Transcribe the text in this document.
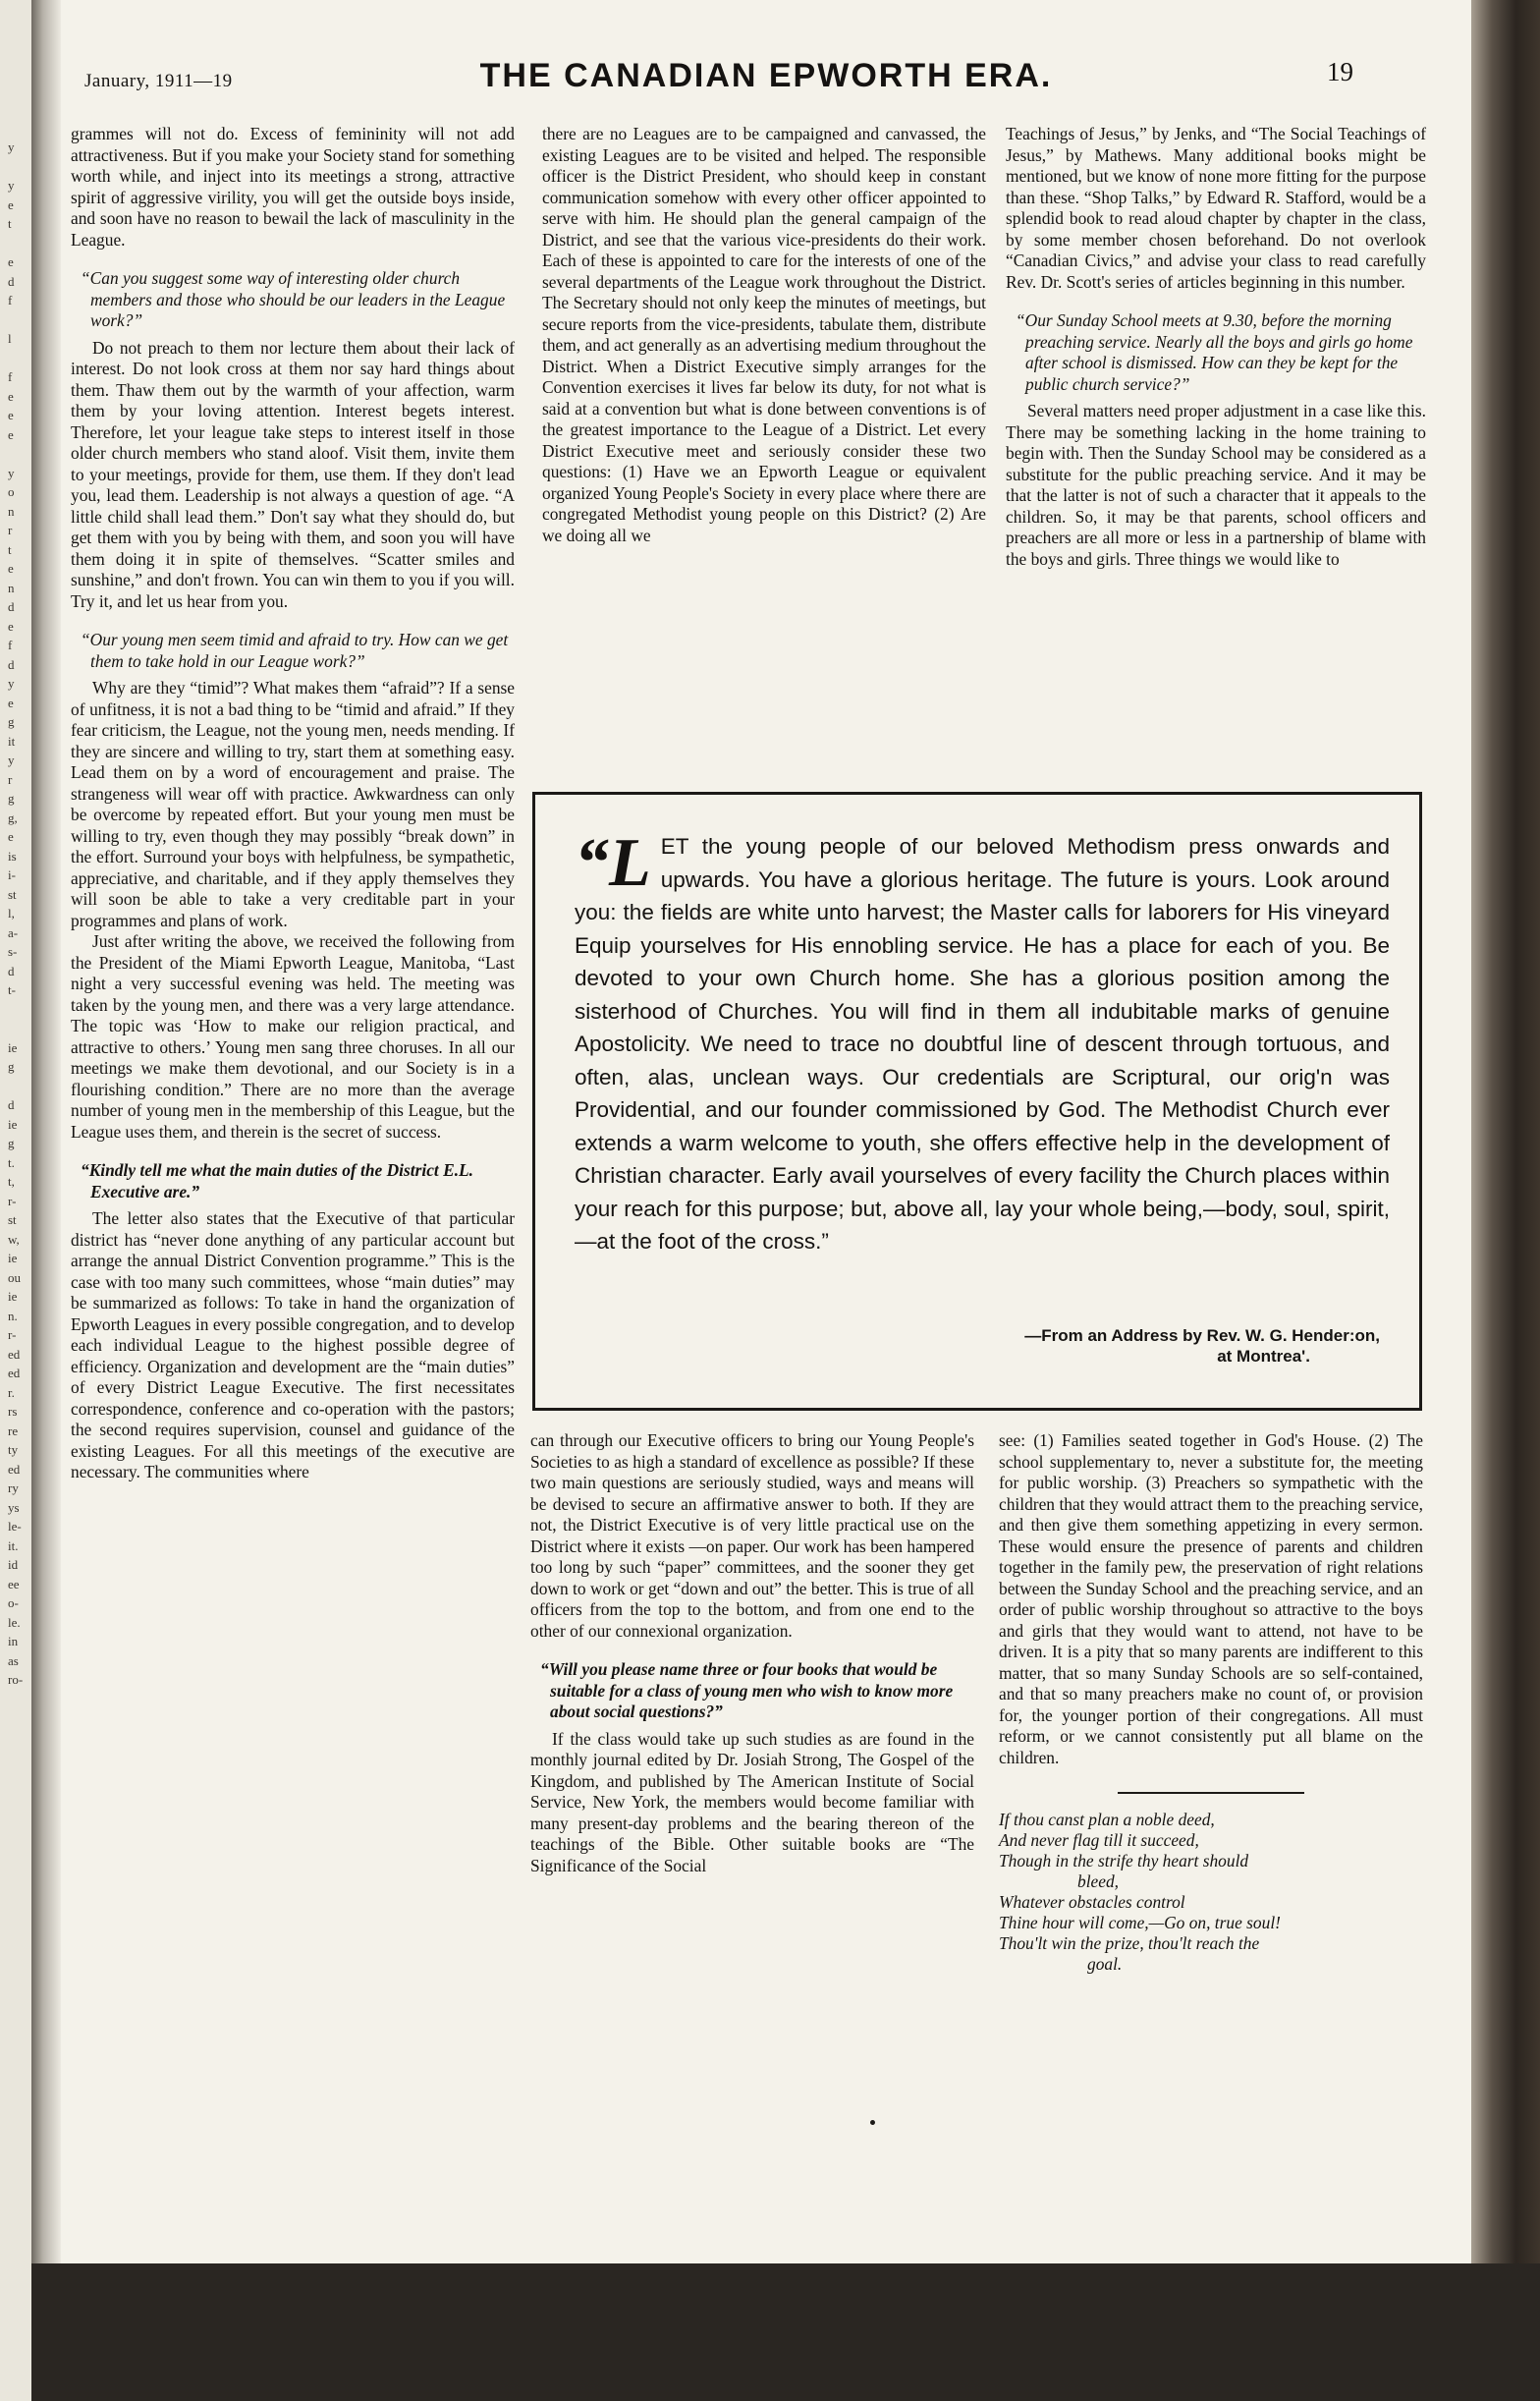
y

y
e
t

e
d
f

l

f
e
e
e

y
o
n
r
t
e
n
d
e
f
d
y
e
g
it
y
r
g
g,
e
is
i-
st
l,
a-
s-
d
t-

ie
g

d
ie
g
t.
t,
r-
st
w,
ie
ou
ie
n.
r-
ed
ed
r.
rs
re
ty
ed
ry
ys
le-
it.
id
ee
o-
le.
in
as
ro-
January, 1911—19	THE CANADIAN EPWORTH ERA.	19

grammes will not do. Excess of femininity will not add attractiveness. But if you make your Society stand for something worth while, and inject into its meetings a strong, attractive spirit of aggressive virility, you will get the outside boys inside, and soon have no reason to bewail the lack of masculinity in the League.

“Can you suggest some way of interesting older church members and those who should be our leaders in the League work?”

Do not preach to them nor lecture them about their lack of interest. Do not look cross at them nor say hard things about them. Thaw them out by the warmth of your affection, warm them by your loving attention. Interest begets interest. Therefore, let your league take steps to interest itself in those older church members who stand aloof. Visit them, invite them to your meetings, provide for them, use them. If they don't lead you, lead them. Leadership is not always a question of age. “A little child shall lead them.” Don't say what they should do, but get them with you by being with them, and soon you will have them doing it in spite of themselves. “Scatter smiles and sunshine,” and don't frown. You can win them to you if you will. Try it, and let us hear from you.

“Our young men seem timid and afraid to try. How can we get them to take hold in our League work?”

Why are they “timid”? What makes them “afraid”? If a sense of unfitness, it is not a bad thing to be “timid and afraid.” If they fear criticism, the League, not the young men, needs mending. If they are sincere and willing to try, start them at something easy. Lead them on by a word of encouragement and praise. The strangeness will wear off with practice. Awkwardness can only be overcome by repeated effort. But your young men must be willing to try, even though they may possibly “break down” in the effort. Surround your boys with helpfulness, be sympathetic, appreciative, and charitable, and if they apply themselves they will soon be able to take a very creditable part in your programmes and plans of work.

Just after writing the above, we received the following from the President of the Miami Epworth League, Manitoba, “Last night a very successful evening was held. The meeting was taken by the young men, and there was a very large attendance. The topic was ‘How to make our religion practical, and attractive to others.’ Young men sang three choruses. In all our meetings we make them devotional, and our Society is in a flourishing condition.” There are no more than the average number of young men in the membership of this League, but the League uses them, and therein is the secret of success.

“Kindly tell me what the main duties of the District E.L. Executive are.”

The letter also states that the Executive of that particular district has “never done anything of any particular account but arrange the annual District Convention programme.” This is the case with too many such committees, whose “main duties” may be summarized as follows: To take in hand the organization of Epworth Leagues in every possible congregation, and to develop each individual League to the highest possible degree of efficiency. Organization and development are the “main duties” of every District League Executive. The first necessitates correspondence, conference and co-operation with the pastors; the second requires supervision, counsel and guidance of the existing Leagues. For all this meetings of the executive are necessary. The communities where

there are no Leagues are to be campaigned and canvassed, the existing Leagues are to be visited and helped. The responsible officer is the District President, who should keep in constant communication somehow with every other officer appointed to serve with him. He should plan the general campaign of the District, and see that the various vice-presidents do their work. Each of these is appointed to care for the interests of one of the several departments of the League work throughout the District. The Secretary should not only keep the minutes of meetings, but secure reports from the vice-presidents, tabulate them, distribute them, and act generally as an advertising medium throughout the District. When a District Executive simply arranges for the Convention exercises it lives far below its duty, for not what is said at a convention but what is done between conventions is of the greatest importance to the League of a District. Let every District Executive meet and seriously consider these two questions: (1) Have we an Epworth League or equivalent organized Young People's Society in every place where there are congregated Methodist young people on this District? (2) Are we doing all we

Teachings of Jesus,” by Jenks, and “The Social Teachings of Jesus,” by Mathews. Many additional books might be mentioned, but we know of none more fitting for the purpose than these. “Shop Talks,” by Edward R. Stafford, would be a splendid book to read aloud chapter by chapter in the class, by some member chosen beforehand. Do not overlook “Canadian Civics,” and advise your class to read carefully Rev. Dr. Scott's series of articles beginning in this number.

“Our Sunday School meets at 9.30, before the morning preaching service. Nearly all the boys and girls go home after school is dismissed. How can they be kept for the public church service?”

Several matters need proper adjustment in a case like this. There may be something lacking in the home training to begin with. Then the Sunday School may be considered as a substitute for the public preaching service. And it may be that the latter is not of such a character that it appeals to the children. So, it may be that parents, school officers and preachers are all more or less in a partnership of blame with the boys and girls. Three things we would like to

“L ET the young people of our beloved Methodism press onwards and upwards. You have a glorious heritage. The future is yours. Look around you: the fields are white unto harvest; the Master calls for laborers for His vineyard Equip yourselves for His ennobling service. He has a place for each of you. Be devoted to your own Church home. She has a glorious position among the sisterhood of Churches. You will find in them all indubitable marks of genuine Apostolicity. We need to trace no doubtful line of descent through tortuous, and often, alas, unclean ways. Our credentials are Scriptural, our orig'n was Providential, and our founder commissioned by God. The Methodist Church ever extends a warm welcome to youth, she offers effective help in the development of Christian character. Early avail yourselves of every facility the Church places within your reach for this purpose; but, above all, lay your whole being,—body, soul, spirit,—at the foot of the cross.”
—From an Address by Rev. W. G. Hender:on,
at Montrea'.

can through our Executive officers to bring our Young People's Societies to as high a standard of excellence as possible? If these two main questions are seriously studied, ways and means will be devised to secure an affirmative answer to both. If they are not, the District Executive is of very little practical use on the District where it exists —on paper. Our work has been hampered too long by such “paper” committees, and the sooner they get down to work or get “down and out” the better. This is true of all officers from the top to the bottom, and from one end to the other of our connexional organization.

“Will you please name three or four books that would be suitable for a class of young men who wish to know more about social questions?”

If the class would take up such studies as are found in the monthly journal edited by Dr. Josiah Strong, The Gospel of the Kingdom, and published by The American Institute of Social Service, New York, the members would become familiar with many present-day problems and the bearing thereon of the teachings of the Bible. Other suitable books are “The Significance of the Social

see: (1) Families seated together in God's House. (2) The school supplementary to, never a substitute for, the meeting for public worship. (3) Preachers so sympathetic with the children that they would attract them to the preaching service, and then give them something appetizing in every sermon. These would ensure the presence of parents and children together in the family pew, the preservation of right relations between the Sunday School and the preaching service, and an order of public worship throughout so attractive to the boys and girls that they would want to attend, not have to be driven. It is a pity that so many parents are indifferent to this matter, that so many Sunday Schools are so self-contained, and that so many preachers make no count of, or provision for, the younger portion of their congregations. All must reform, or we cannot consistently put all blame on the children.

If thou canst plan a noble deed,

And never flag till it succeed,

Though in the strife thy heart should

bleed,

Whatever obstacles control

Thine hour will come,—Go on, true soul!

Thou'lt win the prize, thou'lt reach the

goal.
